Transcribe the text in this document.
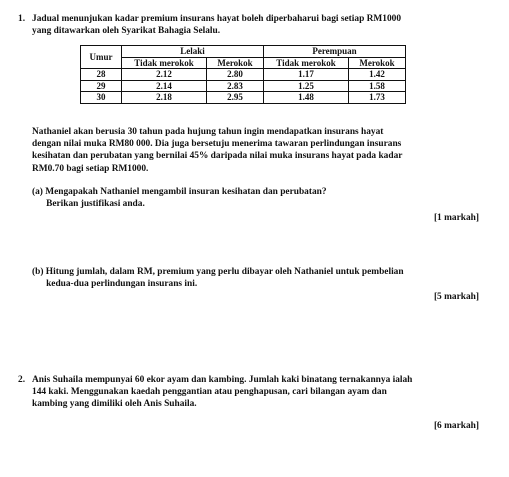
1. Jadual menunjukan kadar premium insurans hayat boleh diperbaharui bagi setiap RM1000
yang ditawarkan oleh Syarikat Bahagia Selalu.
Umur	Lelaki		Perempuan	
	Tidak merokok	Merokok	Tidak merokok	Merokok
28	2.12	2.80	1.17	1.42
29	2.14	2.83	1.25	1.58
30	2.18	2.95	1.48	1.73
Nathaniel akan berusia 30 tahun pada hujung tahun ingin mendapatkan insurans hayat
dengan nilai muka RM80 000. Dia juga bersetuju menerima tawaran perlindungan insurans
kesihatan dan perubatan yang bernilai 45% daripada nilai muka insurans hayat pada kadar
RM0.70 bagi setiap RM1000.
(a) Mengapakah Nathaniel mengambil insuran kesihatan dan perubatan?
Berikan justifikasi anda.
[1 markah]
(b) Hitung jumlah, dalam RM, premium yang perlu dibayar oleh Nathaniel untuk pembelian
kedua-dua perlindungan insurans ini.
[5 markah]
2. Anis Suhaila mempunyai 60 ekor ayam dan kambing. Jumlah kaki binatang ternakannya ialah
144 kaki. Menggunakan kaedah penggantian atau penghapusan, cari bilangan ayam dan
kambing yang dimiliki oleh Anis Suhaila.
[6 markah]
